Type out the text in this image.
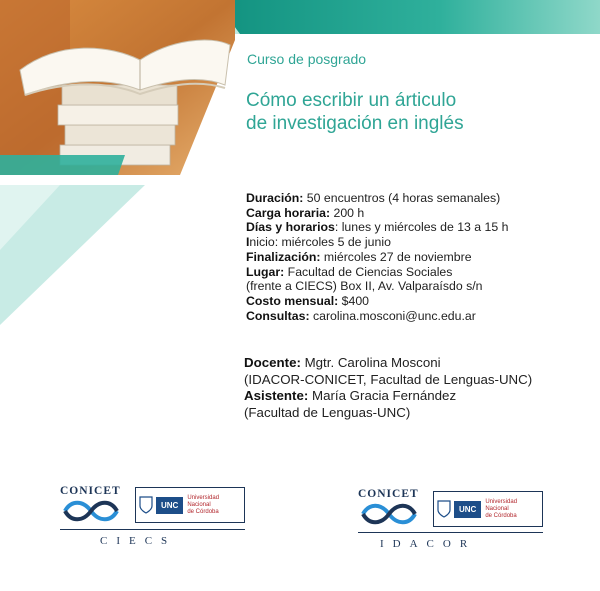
Curso de posgrado
Cómo escribir un árticulo
de investigación en inglés
Duración: 50 encuentros (4 horas semanales)
Carga horaria: 200 h
Días y horarios: lunes y miércoles de 13 a 15 h
Inicio: miércoles 5 de junio
Finalización: miércoles 27 de noviembre
Lugar: Facultad de Ciencias Sociales
(frente a CIECS) Box II, Av. Valparaísdo s/n
Costo mensual: $400
Consultas: carolina.mosconi@unc.edu.ar
Docente: Mgtr. Carolina Mosconi
(IDACOR-CONICET, Facultad de Lenguas-UNC)
Asistente: María Gracia Fernández
(Facultad de Lenguas-UNC)
CONICET
UNC
Universidad
Nacional
de Córdoba
CIECS
CONICET
UNC
Universidad
Nacional
de Córdoba
IDACOR
